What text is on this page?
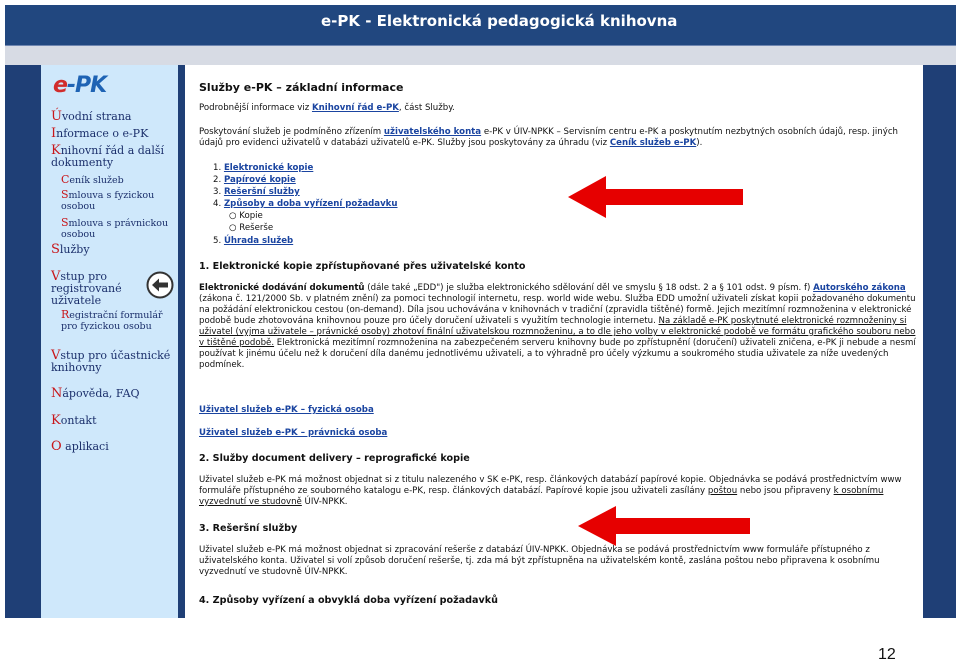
e-PK - Elektronická pedagogická knihovna
e-PK
Úvodní strana
Informace o e-PK
Knihovní řád a další dokumenty
Ceník služeb
Smlouva s fyzickou osobou
Smlouva s právnickou osobou
Služby
Vstup pro registrované uživatele
Registrační formulář pro fyzickou osobu
Vstup pro účastnické knihovny
Nápověda, FAQ
Kontakt
O aplikaci
Služby e-PK – základní informace
Podrobnější informace viz Knihovní řád e-PK, část Služby.
Poskytování služeb je podmíněno zřízením uživatelského konta e-PK v ÚIV-NPKK – Servisním centru e-PK a poskytnutím nezbytných osobních údajů, resp. jiných údajů pro evidenci uživatelů v databázi uživatelů e-PK. Služby jsou poskytovány za úhradu (viz Ceník služeb e-PK).
1. Elektronické kopie
2. Papírové kopie
3. Rešeršní služby
4. Způsoby a doba vyřízení požadavku
○ Kopie
○ Rešerše
5. Úhrada služeb
1. Elektronické kopie zpřístupňované přes uživatelské konto
Elektronické dodávání dokumentů (dále také „EDD") je služba elektronického sdělování děl ve smyslu § 18 odst. 2 a § 101 odst. 9 písm. f) Autorského zákona (zákona č. 121/2000 Sb. v platném znění) za pomoci technologií internetu, resp. world wide webu. Služba EDD umožní uživateli získat kopii požadovaného dokumentu na požádání elektronickou cestou (on-demand). Díla jsou uchovávána v knihovnách v tradiční (zpravidla tištěné) formě. Jejich mezitímní rozmnoženina v elektronické podobě bude zhotovována knihovnou pouze pro účely doručení uživateli s využitím technologie internetu. Na základě e-PK poskytnuté elektronické rozmnoženiny si uživatel (vyjma uživatele – právnické osoby) zhotoví finální uživatelskou rozmnoženinu, a to dle jeho volby v elektronické podobě ve formátu grafického souboru nebo v tištěné podobě. Elektronická mezitímní rozmnoženina na zabezpečeném serveru knihovny bude po zpřístupnění (doručení) uživateli zničena, e-PK ji nebude a nesmí používat k jinému účelu než k doručení díla danému jednotlivému uživateli, a to výhradně pro účely výzkumu a soukromého studia uživatele za níže uvedených podmínek.
Uživatel služeb e-PK – fyzická osoba
Uživatel služeb e-PK – právnická osoba
2. Služby document delivery – reprografické kopie
Uživatel služeb e-PK má možnost objednat si z titulu nalezeného v SK e-PK, resp. článkových databází papírové kopie. Objednávka se podává prostřednictvím www formuláře přístupného ze souborného katalogu e-PK, resp. článkových databází. Papírové kopie jsou uživateli zasílány poštou nebo jsou připraveny k osobnímu vyzvednutí ve studovně ÚIV-NPKK.
3. Rešeršní služby
Uživatel služeb e-PK má možnost objednat si zpracování rešerše z databází ÚIV-NPKK. Objednávka se podává prostřednictvím www formuláře přístupného z uživatelského konta. Uživatel si volí způsob doručení rešerše, tj. zda má být zpřístupněna na uživatelském kontě, zaslána poštou nebo připravena k osobnímu vyzvednutí ve studovně ÚIV-NPKK.
4. Způsoby vyřízení a obvyklá doba vyřízení požadavků
12
